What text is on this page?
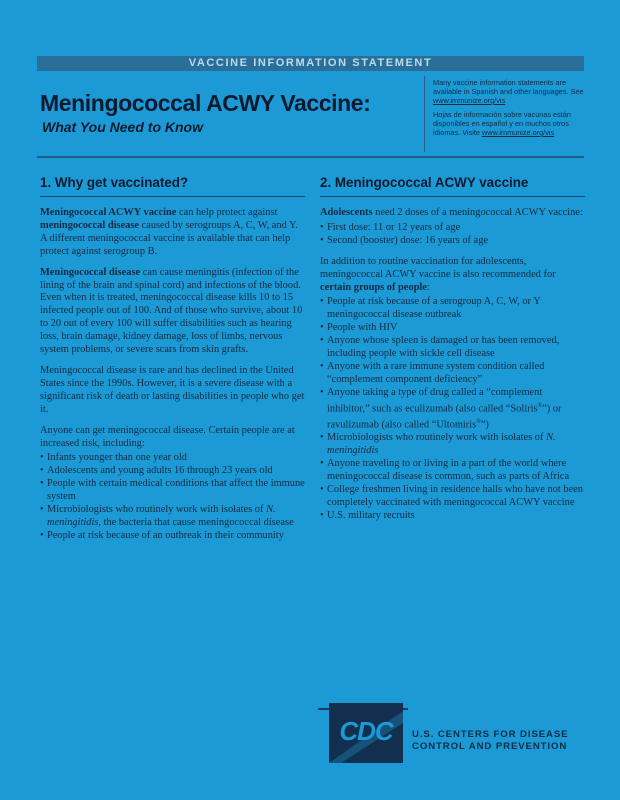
VACCINE INFORMATION STATEMENT
Meningococcal ACWY Vaccine:
What You Need to Know

Many vaccine information statements are available in Spanish and other languages. See www.immunize.org/vis

Hojas de información sobre vacunas están disponibles en español y en muchos otros idiomas. Visite www.immunize.org/vis

1. Why get vaccinated?

Meningococcal ACWY vaccine can help protect against meningococcal disease caused by serogroups A, C, W, and Y. A different meningococcal vaccine is available that can help protect against serogroup B.

Meningococcal disease can cause meningitis (infection of the lining of the brain and spinal cord) and infections of the blood. Even when it is treated, meningococcal disease kills 10 to 15 infected people out of 100. And of those who survive, about 10 to 20 out of every 100 will suffer disabilities such as hearing loss, brain damage, kidney damage, loss of limbs, nervous system problems, or severe scars from skin grafts.

Meningococcal disease is rare and has declined in the United States since the 1990s. However, it is a severe disease with a significant risk of death or lasting disabilities in people who get it.

Anyone can get meningococcal disease. Certain people are at increased risk, including:

• Infants younger than one year old
• Adolescents and young adults 16 through 23 years old
• People with certain medical conditions that affect the immune system
• Microbiologists who routinely work with isolates of N. meningitidis, the bacteria that cause meningococcal disease
• People at risk because of an outbreak in their community
2. Meningococcal ACWY vaccine

Adolescents need 2 doses of a meningococcal ACWY vaccine:

• First dose: 11 or 12 years of age
• Second (booster) dose: 16 years of age

In addition to routine vaccination for adolescents, meningococcal ACWY vaccine is also recommended for certain groups of people:

• People at risk because of a serogroup A, C, W, or Y meningococcal disease outbreak
• People with HIV
• Anyone whose spleen is damaged or has been removed, including people with sickle cell disease
• Anyone with a rare immune system condition called “complement component deficiency”
• Anyone taking a type of drug called a “complement inhibitor,” such as eculizumab (also called “Soliris®”) or ravulizumab (also called “Ultomiris®”)
• Microbiologists who routinely work with isolates of N. meningitidis
• Anyone traveling to or living in a part of the world where meningococcal disease is common, such as parts of Africa
• College freshmen living in residence halls who have not been completely vaccinated with meningococcal ACWY vaccine
• U.S. military recruits
CDC	U.S. CENTERS FOR DISEASE
CONTROL AND PREVENTION
